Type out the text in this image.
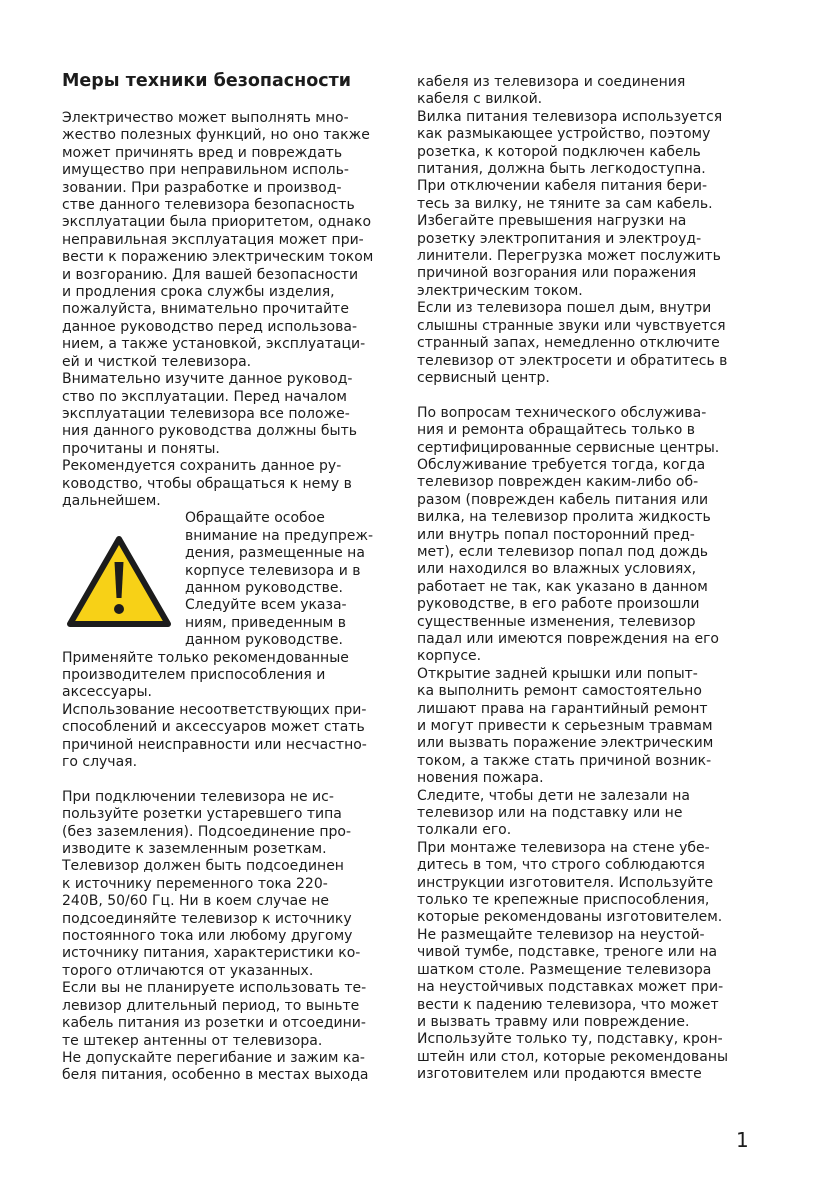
Меры техники безопасности
Электричество может выполнять мно-
жество полезных функций, но оно также
может причинять вред и повреждать
имущество при неправильном исполь-
зовании. При разработке и производ-
стве данного телевизора безопасность
эксплуатации была приоритетом, однако
неправильная эксплуатация может при-
вести к поражению электрическим током
и возгоранию. Для вашей безопасности
и продления срока службы изделия,
пожалуйста, внимательно прочитайте
данное руководство перед использова-
нием, а также установкой, эксплуатаци-
ей и чисткой телевизора.
Внимательно изучите данное руковод-
ство по эксплуатации. Перед началом
эксплуатации телевизора все положе-
ния данного руководства должны быть
прочитаны и поняты.
Рекомендуется сохранить данное ру-
ководство, чтобы обращаться к нему в
дальнейшем.
Обращайте особое
внимание на предупреж-
дения, размещенные на
корпусе телевизора и в
данном руководстве.
Следуйте всем указа-
ниям, приведенным в
данном руководстве.
Применяйте только рекомендованные
производителем приспособления и
аксессуары.
Использование несоответствующих при-
способлений и аксессуаров может стать
причиной неисправности или несчастно-
го случая.
При подключении телевизора не ис-
пользуйте розетки устаревшего типа
(без заземления). Подсоединение про-
изводите к заземленным розеткам.
Телевизор должен быть подсоединен
к источнику переменного тока 220-
240В, 50/60 Гц. Ни в коем случае не
подсоединяйте телевизор к источнику
постоянного тока или любому другому
источнику питания, характеристики ко-
торого отличаются от указанных.
Если вы не планируете использовать те-
левизор длительный период, то выньте
кабель питания из розетки и отсоедини-
те штекер антенны от телевизора.
Не допускайте перегибание и зажим ка-
беля питания, особенно в местах выхода
кабеля из телевизора и соединения
кабеля с вилкой.
Вилка питания телевизора используется
как размыкающее устройство, поэтому
розетка, к которой подключен кабель
питания, должна быть легкодоступна.
При отключении кабеля питания бери-
тесь за вилку, не тяните за сам кабель.
Избегайте превышения нагрузки на
розетку электропитания и электроуд-
линители. Перегрузка может послужить
причиной возгорания или поражения
электрическим током.
Если из телевизора пошел дым, внутри
слышны странные звуки или чувствуется
странный запах, немедленно отключите
телевизор от электросети и обратитесь в
сервисный центр.
По вопросам технического обслужива-
ния и ремонта обращайтесь только в
сертифицированные сервисные центры.
Обслуживание требуется тогда, когда
телевизор поврежден каким-либо об-
разом (поврежден кабель питания или
вилка, на телевизор пролита жидкость
или внутрь попал посторонний пред-
мет), если телевизор попал под дождь
или находился во влажных условиях,
работает не так, как указано в данном
руководстве, в его работе произошли
существенные изменения, телевизор
падал или имеются повреждения на его
корпусе.
Открытие задней крышки или попыт-
ка выполнить ремонт самостоятельно
лишают права на гарантийный ремонт
и могут привести к серьезным травмам
или вызвать поражение электрическим
током, а также стать причиной возник-
новения пожара.
Следите, чтобы дети не залезали на
телевизор или на подставку или не
толкали его.
При монтаже телевизора на стене убе-
дитесь в том, что строго соблюдаются
инструкции изготовителя. Используйте
только те крепежные приспособления,
которые рекомендованы изготовителем.
Не размещайте телевизор на неустой-
чивой тумбе, подставке, треноге или на
шатком столе. Размещение телевизора
на неустойчивых подставках может при-
вести к падению телевизора, что может
и вызвать травму или повреждение.
Используйте только ту, подставку, крон-
штейн или стол, которые рекомендованы
изготовителем или продаются вместе
1
